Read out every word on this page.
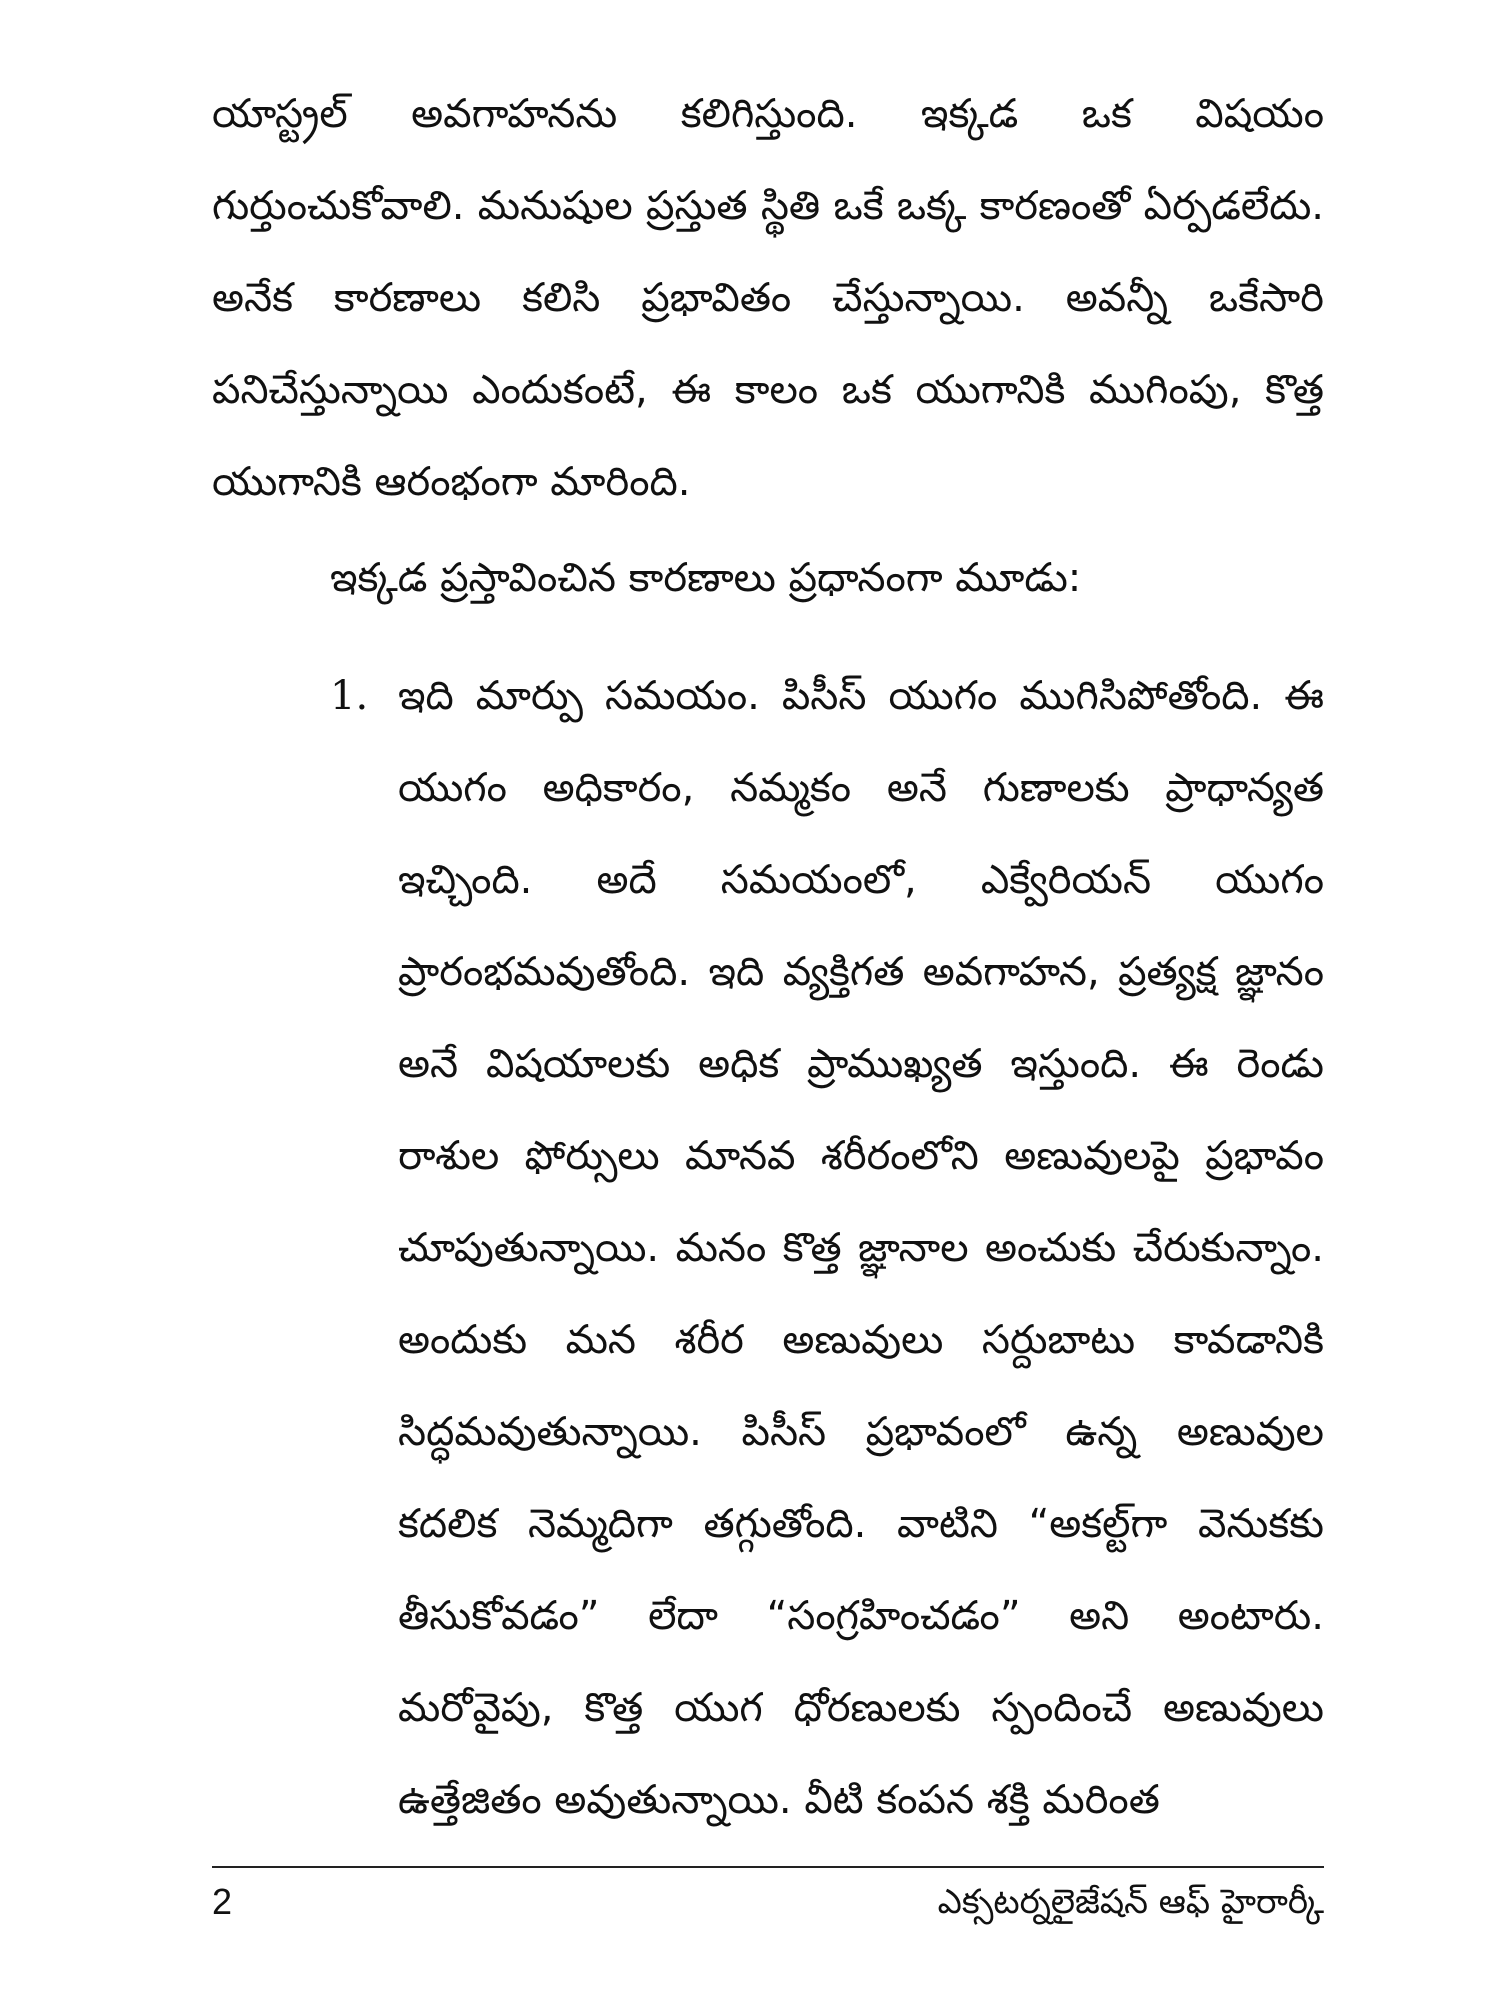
యాస్ట్రల్ అవగాహనను కలిగిస్తుంది. ఇక్కడ ఒక విషయం గుర్తుంచుకోవాలి. మనుషుల ప్రస్తుత స్థితి ఒకే ఒక్క కారణంతో ఏర్పడలేదు. అనేక కారణాలు కలిసి ప్రభావితం చేస్తున్నాయి. అవన్నీ ఒకేసారి పనిచేస్తున్నాయి ఎందుకంటే, ఈ కాలం ఒక యుగానికి ముగింపు, కొత్త యుగానికి ఆరంభంగా మారింది.

ఇక్కడ ప్రస్తావించిన కారణాలు ప్రధానంగా మూడు:

1. ఇది మార్పు సమయం. పిసీస్ యుగం ముగిసిపోతోంది. ఈ యుగం అధికారం, నమ్మకం అనే గుణాలకు ప్రాధాన్యత ఇచ్చింది. అదే సమయంలో, ఎక్వేరియన్ యుగం ప్రారంభమవుతోంది. ఇది వ్యక్తిగత అవగాహన, ప్రత్యక్ష జ్ఞానం అనే విషయాలకు అధిక ప్రాముఖ్యత ఇస్తుంది. ఈ రెండు రాశుల ఫోర్సులు మానవ శరీరంలోని అణువులపై ప్రభావం చూపుతున్నాయి. మనం కొత్త జ్ఞానాల అంచుకు చేరుకున్నాం. అందుకు మన శరీర అణువులు సర్దుబాటు కావడానికి సిద్ధమవుతున్నాయి. పిసీస్ ప్రభావంలో ఉన్న అణువుల కదలిక నెమ్మదిగా తగ్గుతోంది. వాటిని “అకల్ట్‌గా వెనుకకు తీసుకోవడం” లేదా “సంగ్రహించడం” అని అంటారు. మరోవైపు, కొత్త యుగ ధోరణులకు స్పందించే అణువులు ఉత్తేజితం అవుతున్నాయి. వీటి కంపన శక్తి మరింత
2	ఎక్సటర్నలైజేషన్ ఆఫ్ హైరార్కీ
